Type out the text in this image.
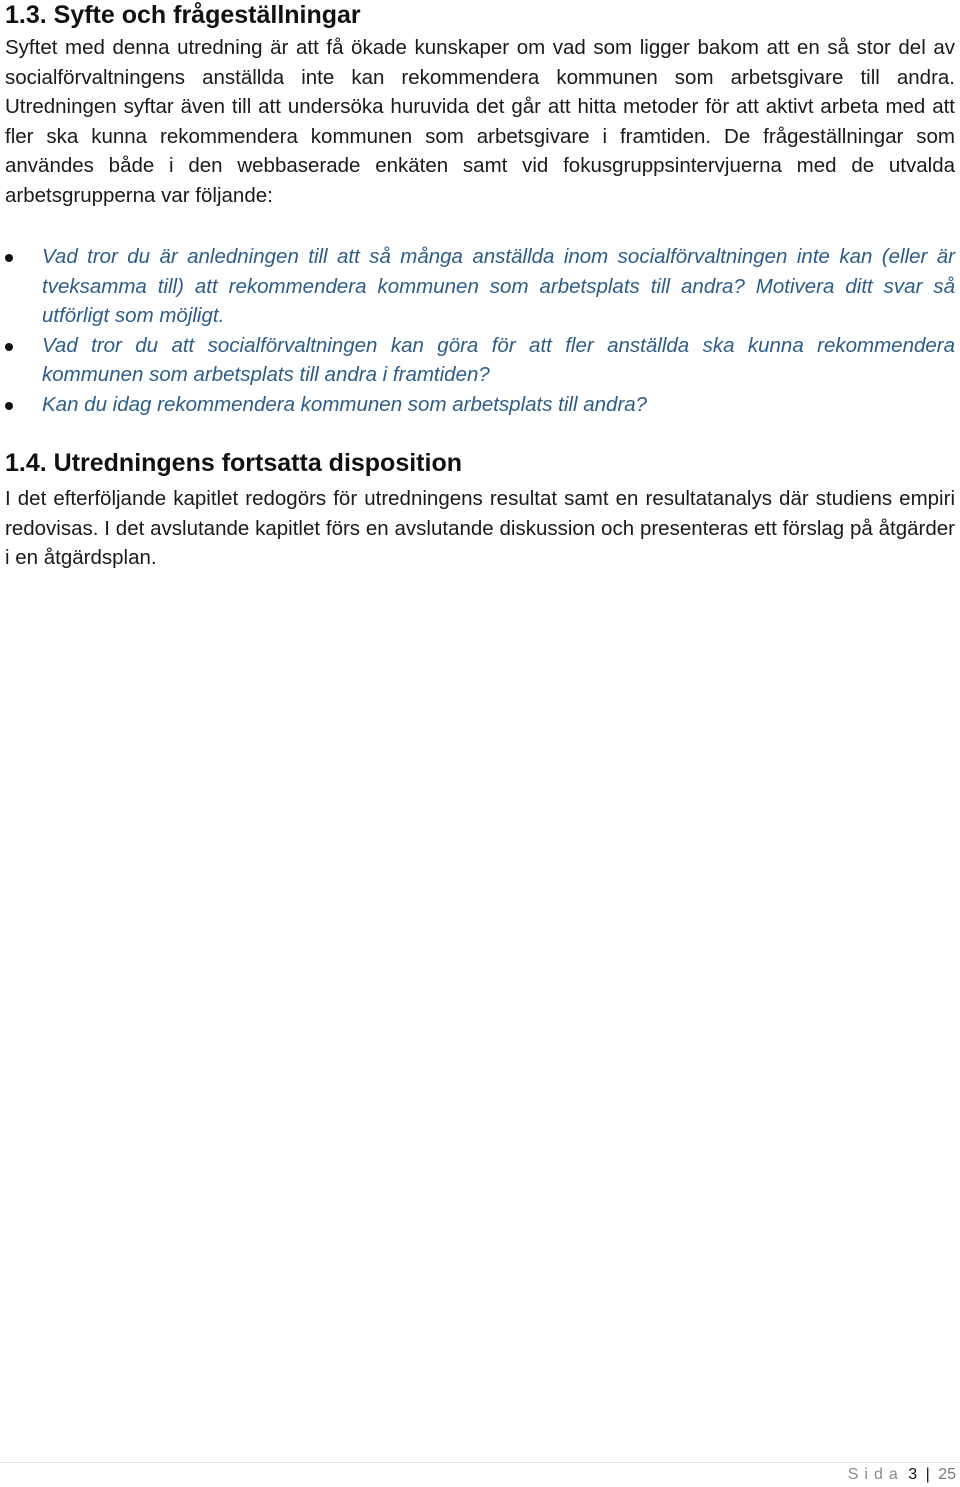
1.3. Syfte och frågeställningar

Syftet med denna utredning är att få ökade kunskaper om vad som ligger bakom att en så stor del av socialförvaltningens anställda inte kan rekommendera kommunen som arbetsgivare till andra. Utredningen syftar även till att undersöka huruvida det går att hitta metoder för att aktivt arbeta med att fler ska kunna rekommendera kommunen som arbetsgivare i framtiden. De frågeställningar som användes både i den webbaserade enkäten samt vid fokusgruppsintervjuerna med de utvalda arbetsgrupperna var följande:

Vad tror du är anledningen till att så många anställda inom socialförvaltningen inte kan (eller är tveksamma till) att rekommendera kommunen som arbetsplats till andra? Motivera ditt svar så utförligt som möjligt.
Vad tror du att socialförvaltningen kan göra för att fler anställda ska kunna rekommendera kommunen som arbetsplats till andra i framtiden?
Kan du idag rekommendera kommunen som arbetsplats till andra?
1.4. Utredningens fortsatta disposition

I det efterföljande kapitlet redogörs för utredningens resultat samt en resultatanalys där studiens empiri redovisas. I det avslutande kapitlet förs en avslutande diskussion och presenteras ett förslag på åtgärder i en åtgärdsplan.

Sida 3 | 25
